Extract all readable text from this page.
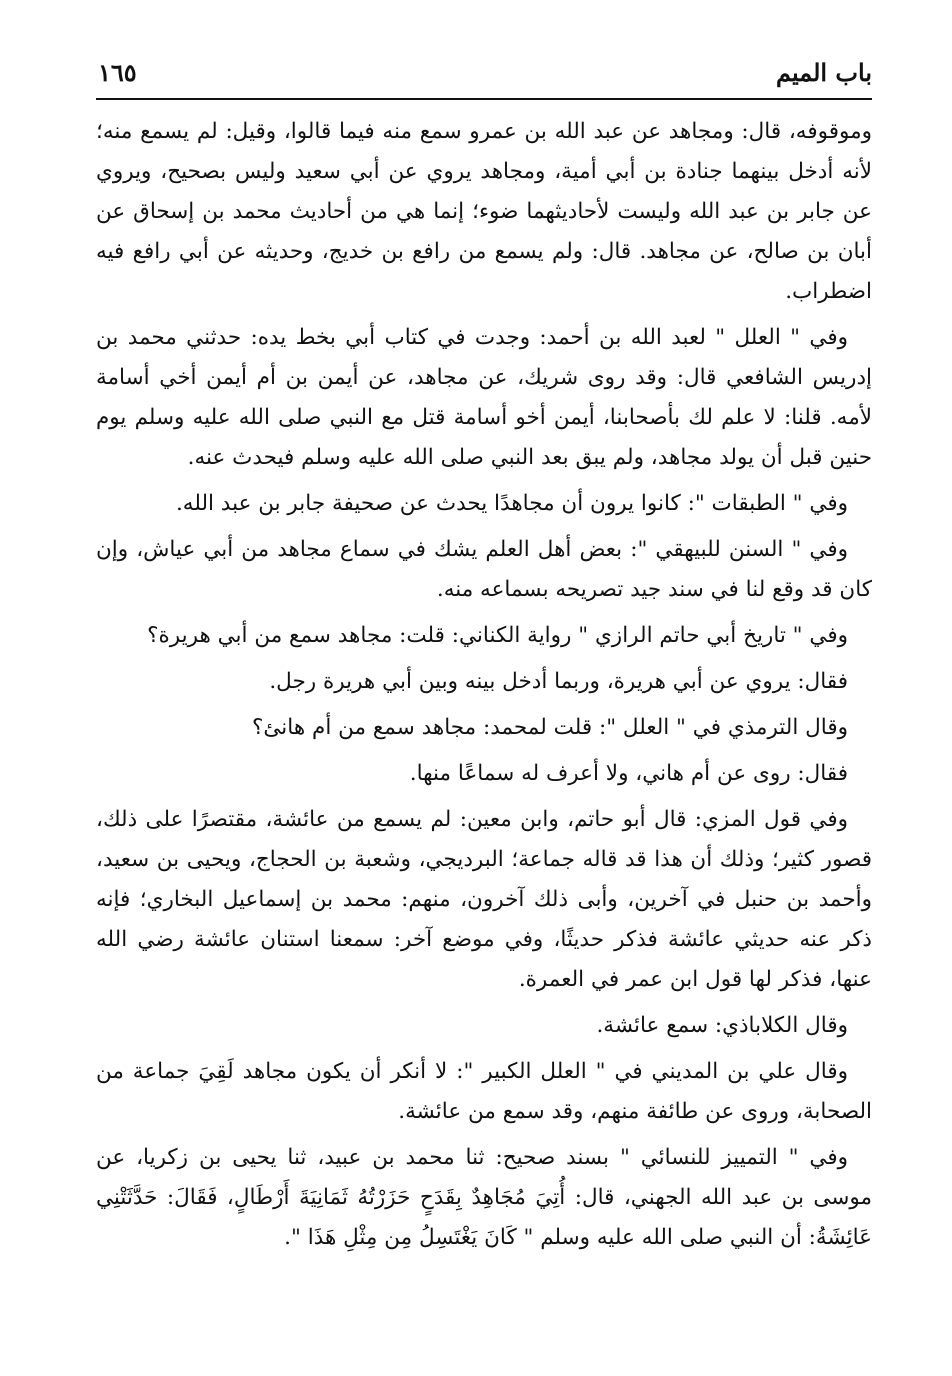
باب الميم
١٦٥

وموقوفه، قال: ومجاهد عن عبد الله بن عمرو سمع منه فيما قالوا، وقيل: لم يسمع منه؛ لأنه أدخل بينهما جنادة بن أبي أمية، ومجاهد يروي عن أبي سعيد وليس بصحيح، ويروي عن جابر بن عبد الله وليست لأحاديثهما ضوء؛ إنما هي من أحاديث محمد بن إسحاق عن أبان بن صالح، عن مجاهد. قال: ولم يسمع من رافع بن خديج، وحديثه عن أبي رافع فيه اضطراب.

وفي " العلل " لعبد الله بن أحمد: وجدت في كتاب أبي بخط يده: حدثني محمد بن إدريس الشافعي قال: وقد روى شريك، عن مجاهد، عن أيمن بن أم أيمن أخي أسامة لأمه. قلنا: لا علم لك بأصحابنا، أيمن أخو أسامة قتل مع النبي صلى الله عليه وسلم يوم حنين قبل أن يولد مجاهد، ولم يبق بعد النبي صلى الله عليه وسلم فيحدث عنه.

وفي " الطبقات ": كانوا يرون أن مجاهدًا يحدث عن صحيفة جابر بن عبد الله.

وفي " السنن للبيهقي ": بعض أهل العلم يشك في سماع مجاهد من أبي عياش، وإن كان قد وقع لنا في سند جيد تصريحه بسماعه منه.

وفي " تاريخ أبي حاتم الرازي " رواية الكناني: قلت: مجاهد سمع من أبي هريرة؟

فقال: يروي عن أبي هريرة، وربما أدخل بينه وبين أبي هريرة رجل.

وقال الترمذي في " العلل ": قلت لمحمد: مجاهد سمع من أم هانئ؟

فقال: روى عن أم هاني، ولا أعرف له سماعًا منها.

وفي قول المزي: قال أبو حاتم، وابن معين: لم يسمع من عائشة، مقتصرًا على ذلك، قصور كثير؛ وذلك أن هذا قد قاله جماعة؛ البرديجي، وشعبة بن الحجاج، ويحيى بن سعيد، وأحمد بن حنبل في آخرين، وأبى ذلك آخرون، منهم: محمد بن إسماعيل البخاري؛ فإنه ذكر عنه حديثي عائشة فذكر حديثًا، وفي موضع آخر: سمعنا استنان عائشة رضي الله عنها، فذكر لها قول ابن عمر في العمرة.

وقال الكلاباذي: سمع عائشة.

وقال علي بن المديني في " العلل الكبير ": لا أنكر أن يكون مجاهد لَقِيَ جماعة من الصحابة، وروى عن طائفة منهم، وقد سمع من عائشة.

وفي " التمييز للنسائي " بسند صحيح: ثنا محمد بن عبيد، ثنا يحيى بن زكريا، عن موسى بن عبد الله الجهني، قال: أُتِيَ مُجَاهِدٌ بِقَدَحٍ حَزَرْتُهُ ثَمَانِيَةَ أَرْطَالٍ، فَقَالَ: حَدَّثَتْنِي عَائِشَةُ: أن النبي صلى الله عليه وسلم " كَانَ يَغْتَسِلُ مِن مِثْلِ هَذَا ".
